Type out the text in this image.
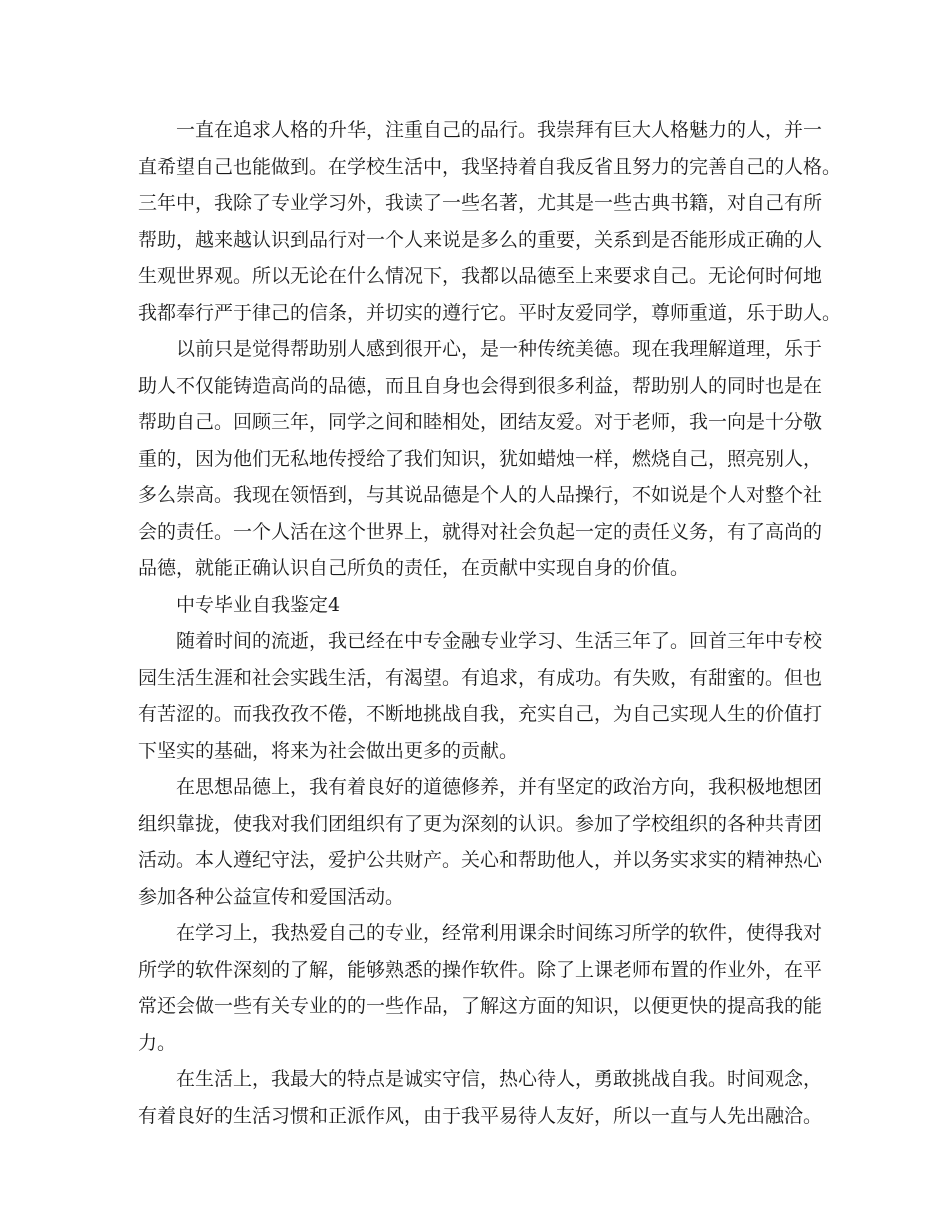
一直在追求人格的升华，注重自己的品行。我崇拜有巨大人格魅力的人，并一
直希望自己也能做到。在学校生活中，我坚持着自我反省且努力的完善自己的人格。
三年中，我除了专业学习外，我读了一些名著，尤其是一些古典书籍，对自己有所
帮助，越来越认识到品行对一个人来说是多么的重要，关系到是否能形成正确的人
生观世界观。所以无论在什么情况下，我都以品德至上来要求自己。无论何时何地
我都奉行严于律己的信条，并切实的遵行它。平时友爱同学，尊师重道，乐于助人。
以前只是觉得帮助别人感到很开心，是一种传统美德。现在我理解道理，乐于
助人不仅能铸造高尚的品德，而且自身也会得到很多利益，帮助别人的同时也是在
帮助自己。回顾三年，同学之间和睦相处，团结友爱。对于老师，我一向是十分敬
重的，因为他们无私地传授给了我们知识，犹如蜡烛一样，燃烧自己，照亮别人，
多么崇高。我现在领悟到，与其说品德是个人的人品操行，不如说是个人对整个社
会的责任。一个人活在这个世界上，就得对社会负起一定的责任义务，有了高尚的
品德，就能正确认识自己所负的责任，在贡献中实现自身的价值。
中专毕业自我鉴定4
随着时间的流逝，我已经在中专金融专业学习、生活三年了。回首三年中专校
园生活生涯和社会实践生活，有渴望。有追求，有成功。有失败，有甜蜜的。但也
有苦涩的。而我孜孜不倦，不断地挑战自我，充实自己，为自己实现人生的价值打
下坚实的基础，将来为社会做出更多的贡献。
在思想品德上，我有着良好的道德修养，并有坚定的政治方向，我积极地想团
组织靠拢，使我对我们团组织有了更为深刻的认识。参加了学校组织的各种共青团
活动。本人遵纪守法，爱护公共财产。关心和帮助他人，并以务实求实的精神热心
参加各种公益宣传和爱国活动。
在学习上，我热爱自己的专业，经常利用课余时间练习所学的软件，使得我对
所学的软件深刻的了解，能够熟悉的操作软件。除了上课老师布置的作业外，在平
常还会做一些有关专业的的一些作品，了解这方面的知识，以便更快的提高我的能
力。
在生活上，我最大的特点是诚实守信，热心待人，勇敢挑战自我。时间观念，
有着良好的生活习惯和正派作风，由于我平易待人友好，所以一直与人先出融洽。
